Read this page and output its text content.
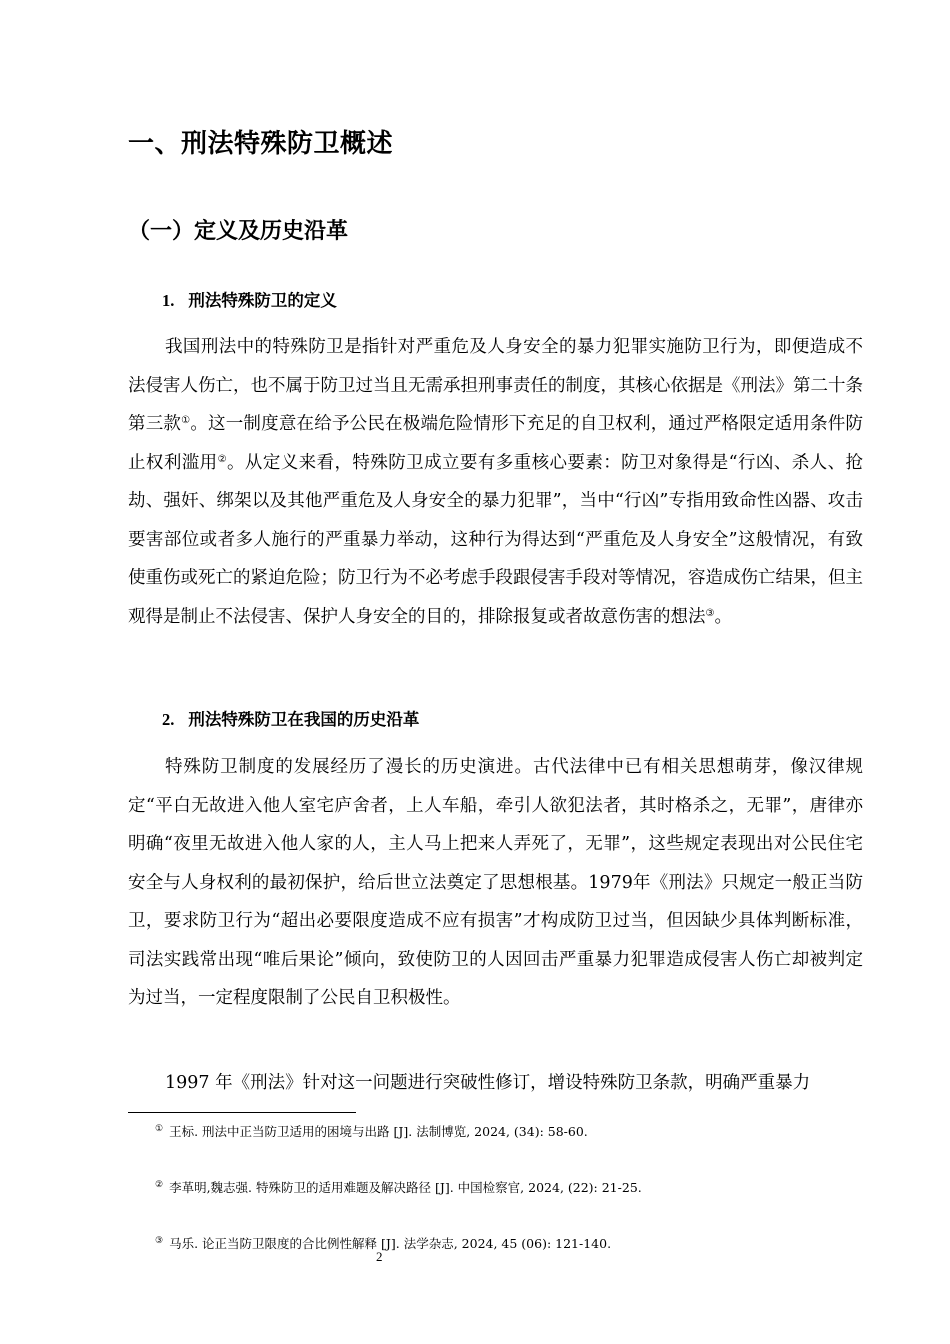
一、刑法特殊防卫概述
（一）定义及历史沿革
1. 刑法特殊防卫的定义

我国刑法中的特殊防卫是指针对严重危及人身安全的暴力犯罪实施防卫行为，即便造成不法侵害人伤亡，也不属于防卫过当且无需承担刑事责任的制度，其核心依据是《刑法》第二十条第三款①。这一制度意在给予公民在极端危险情形下充足的自卫权利，通过严格限定适用条件防止权利滥用②。从定义来看，特殊防卫成立要有多重核心要素：防卫对象得是“行凶、杀人、抢劫、强奸、绑架以及其他严重危及人身安全的暴力犯罪”，当中“行凶”专指用致命性凶器、攻击要害部位或者多人施行的严重暴力举动，这种行为得达到“严重危及人身安全”这般情况，有致使重伤或死亡的紧迫危险；防卫行为不必考虑手段跟侵害手段对等情况，容造成伤亡结果，但主观得是制止不法侵害、保护人身安全的目的，排除报复或者故意伤害的想法③。

2. 刑法特殊防卫在我国的历史沿革

特殊防卫制度的发展经历了漫长的历史演进。古代法律中已有相关思想萌芽，像汉律规定“平白无故进入他人室宅庐舍者，上人车船，牵引人欲犯法者，其时格杀之，无罪”，唐律亦明确“夜里无故进入他人家的人，主人马上把来人弄死了，无罪”，这些规定表现出对公民住宅安全与人身权利的最初保护，给后世立法奠定了思想根基。1979年《刑法》只规定一般正当防卫，要求防卫行为“超出必要限度造成不应有损害”才构成防卫过当，但因缺少具体判断标准，司法实践常出现“唯后果论”倾向，致使防卫的人因回击严重暴力犯罪造成侵害人伤亡却被判定为过当，一定程度限制了公民自卫积极性。

1997 年《刑法》针对这一问题进行突破性修订，增设特殊防卫条款，明确严重暴力

① 王标. 刑法中正当防卫适用的困境与出路 [J]. 法制博览, 2024, (34): 58-60.
② 李革明,魏志强. 特殊防卫的适用难题及解决路径 [J]. 中国检察官, 2024, (22): 21-25.
③ 马乐. 论正当防卫限度的合比例性解释 [J]. 法学杂志, 2024, 45 (06): 121-140.
2
